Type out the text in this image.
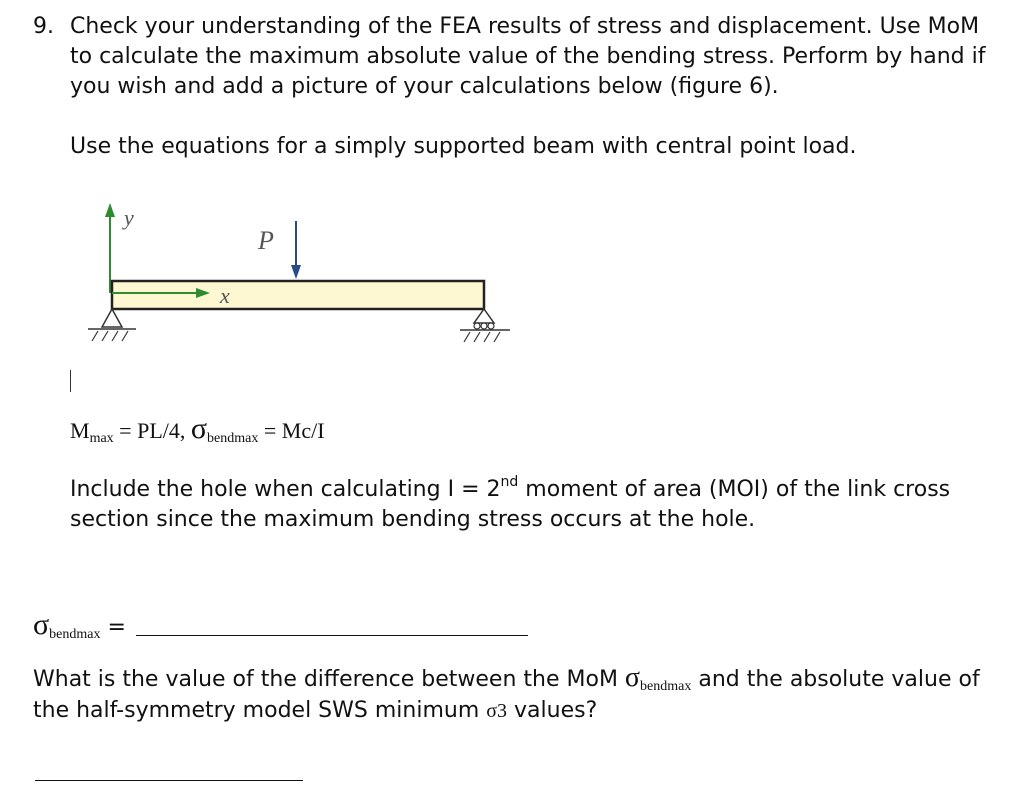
9. Check your understanding of the FEA results of stress and displacement. Use MoM
to calculate the maximum absolute value of the bending stress. Perform by hand if
you wish and add a picture of your calculations below (figure 6).
Use the equations for a simply supported beam with central point load.
y
x
P
Mmax = PL/4, σbendmax = Mc/I
Include the hole when calculating I = 2nd moment of area (MOI) of the link cross
section since the maximum bending stress occurs at the hole.
σbendmax =
What is the value of the difference between the MoM σbendmax and the absolute value of
the half-symmetry model SWS minimum σ3 values?
